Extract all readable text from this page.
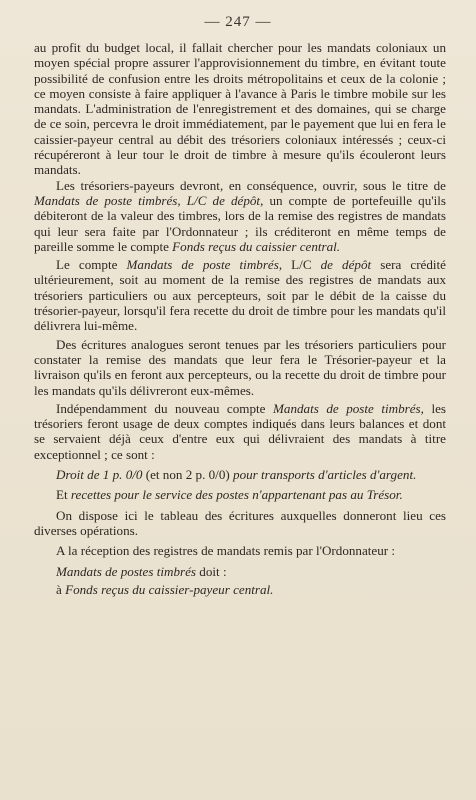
— 247 —

au profit du budget local, il fallait chercher pour les mandats coloniaux un moyen spécial propre assurer l'approvisionnement du timbre, en évitant toute possibilité de confusion entre les droits métropolitains et ceux de la colonie ; ce moyen consiste à faire appliquer à l'avance à Paris le timbre mobile sur les mandats. L'administration de l'enregistrement et des domaines, qui se charge de ce soin, percevra le droit immédiatement, par le payement que lui en fera le caissier-payeur central au débit des trésoriers coloniaux intéressés ; ceux-ci récupéreront à leur tour le droit de timbre à mesure qu'ils écouleront leurs mandats.

Les trésoriers-payeurs devront, en conséquence, ouvrir, sous le titre de Mandats de poste timbrés, L/C de dépôt, un compte de portefeuille qu'ils débiteront de la valeur des timbres, lors de la remise des registres de mandats qui leur sera faite par l'Ordonnateur ; ils créditeront en même temps de pareille somme le compte Fonds reçus du caissier central.

Le compte Mandats de poste timbrés, L/C de dépôt sera crédité ultérieurement, soit au moment de la remise des registres de mandats aux trésoriers particuliers ou aux percepteurs, soit par le débit de la caisse du trésorier-payeur, lorsqu'il fera recette du droit de timbre pour les mandats qu'il délivrera lui-même.

Des écritures analogues seront tenues par les trésoriers particuliers pour constater la remise des mandats que leur fera le Trésorier-payeur et la livraison qu'ils en feront aux percepteurs, ou la recette du droit de timbre pour les mandats qu'ils délivreront eux-mêmes.

Indépendamment du nouveau compte Mandats de poste timbrés, les trésoriers feront usage de deux comptes indiqués dans leurs balances et dont se servaient déjà ceux d'entre eux qui délivraient des mandats à titre exceptionnel ; ce sont :

Droit de 1 p. 0/0 (et non 2 p. 0/0) pour transports d'articles d'argent.

Et recettes pour le service des postes n'appartenant pas au Trésor.

On dispose ici le tableau des écritures auxquelles donneront lieu ces diverses opérations.

A la réception des registres de mandats remis par l'Ordonnateur :

Mandats de postes timbrés doit :

à Fonds reçus du caissier-payeur central.
